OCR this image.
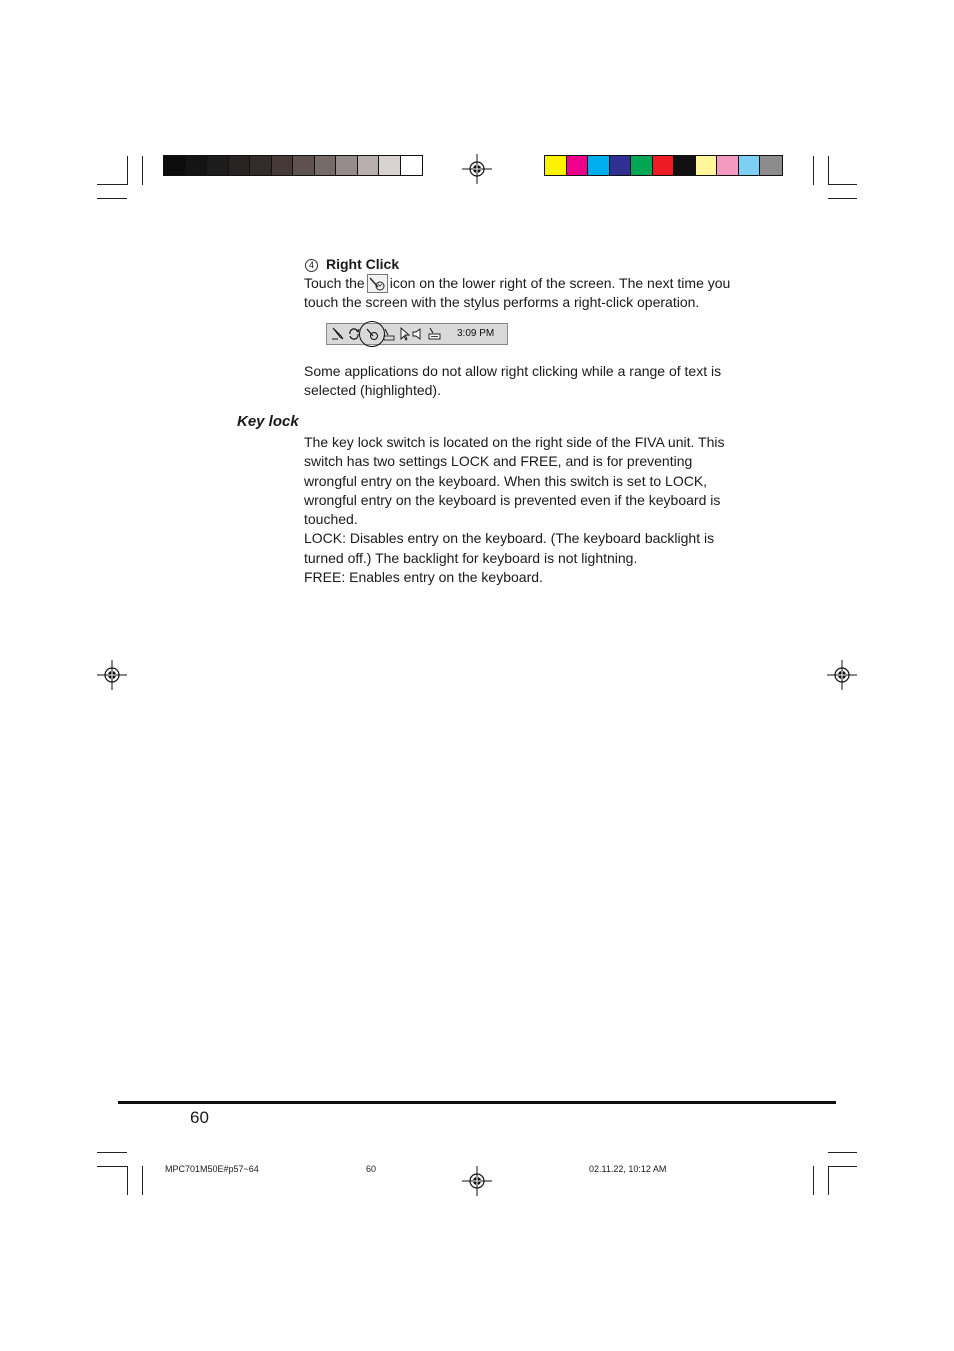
4 Right Click
Touch the icon on the lower right of the screen. The next time you
touch the screen with the stylus performs a right-click operation.
3:09 PM
Some applications do not allow right clicking while a range of text is
selected (highlighted).
Key lock
The key lock switch is located on the right side of the FIVA unit. This
switch has two settings LOCK and FREE, and is for preventing
wrongful entry on the keyboard. When this switch is set to LOCK,
wrongful entry on the keyboard is prevented even if the keyboard is
touched.
LOCK: Disables entry on the keyboard. (The keyboard backlight is
turned off.) The backlight for keyboard is not lightning.
FREE: Enables entry on the keyboard.
60
MPC701M50E#p57~64	60	02.11.22, 10:12 AM
